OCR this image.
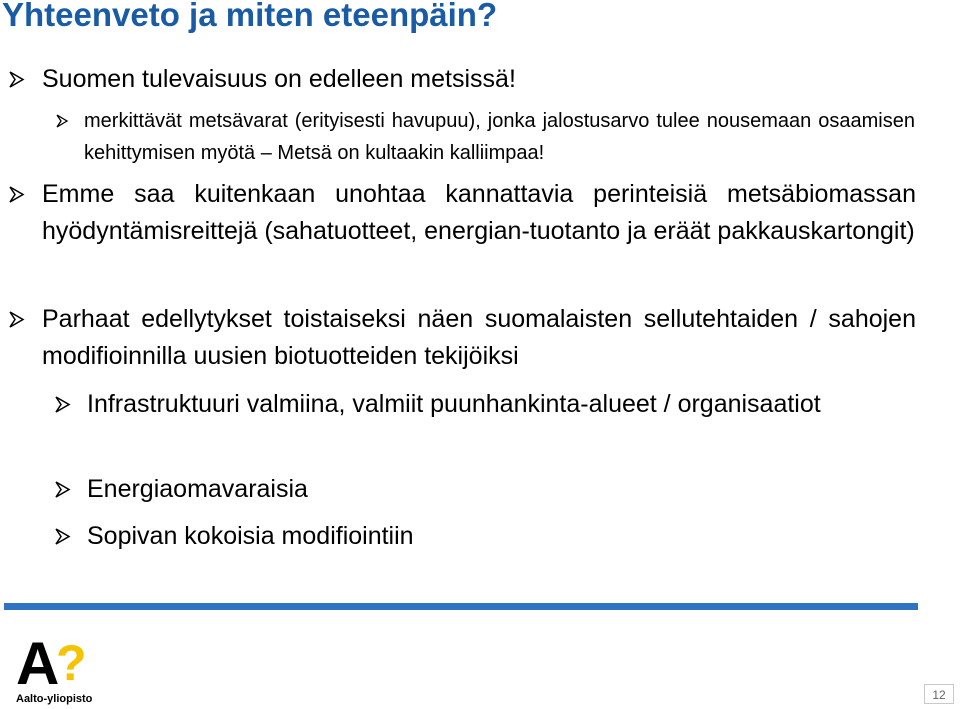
Yhteenveto ja miten eteenpäin?

Suomen tulevaisuus on edelleen metsissä!

merkittävät metsävarat (erityisesti havupuu), jonka jalostusarvo tulee nousemaan osaamisen kehittymisen myötä – Metsä on kultaakin kalliimpaa!

Emme saa kuitenkaan unohtaa kannattavia perinteisiä metsäbiomassan hyödyntämisreittejä (sahatuotteet, energian-tuotanto ja eräät pakkauskartongit)

Parhaat edellytykset toistaiseksi näen suomalaisten sellutehtaiden / sahojen modifioinnilla uusien biotuotteiden tekijöiksi

Infrastruktuuri valmiina, valmiit puunhankinta-alueet / organisaatiot

Energiaomavaraisia

Sopivan kokoisia modifiointiin

A
?
Aalto-yliopisto	12
